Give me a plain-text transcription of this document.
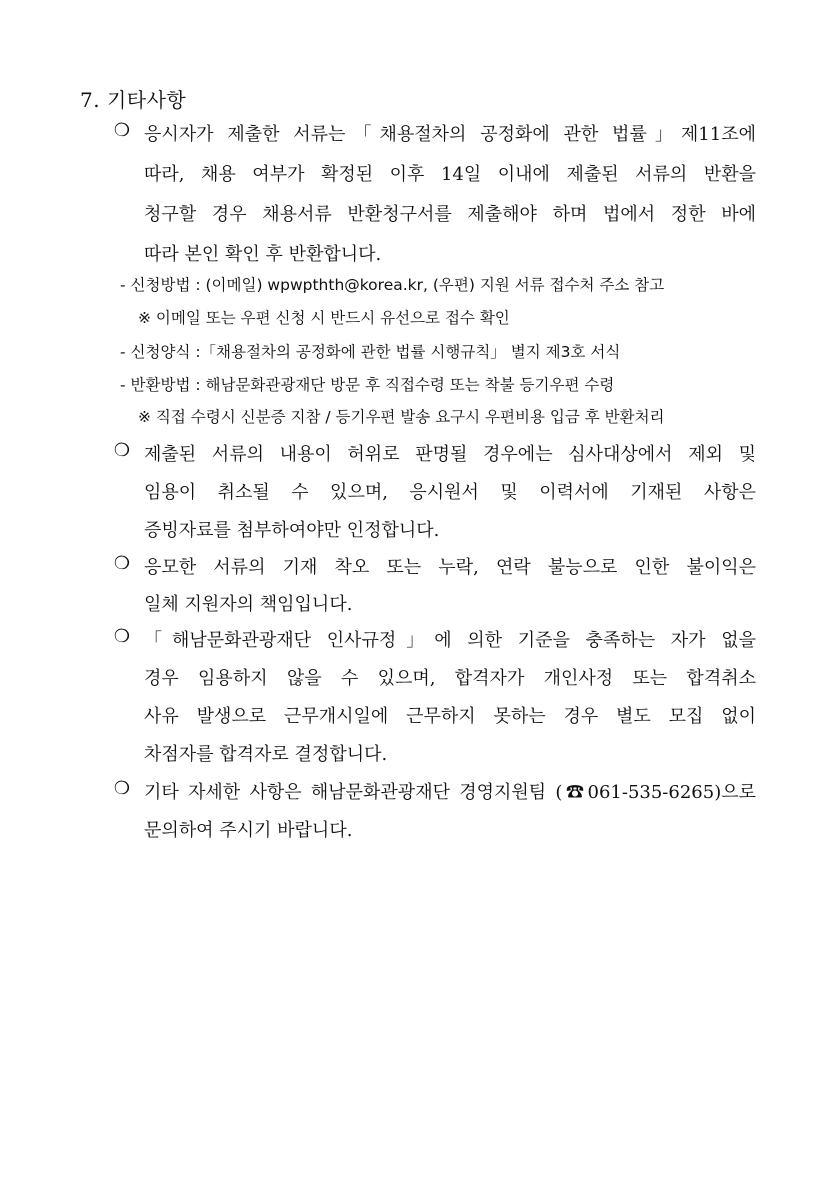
7. 기타사항
❍ 응시자가 제출한 서류는「채용절차의 공정화에 관한 법률」제11조에
따라, 채용 여부가 확정된 이후 14일 이내에 제출된 서류의 반환을
청구할 경우 채용서류 반환청구서를 제출해야 하며 법에서 정한 바에
따라 본인 확인 후 반환합니다.
- 신청방법 : (이메일) wpwpthth@korea.kr, (우편) 지원 서류 접수처 주소 참고
※ 이메일 또는 우편 신청 시 반드시 유선으로 접수 확인
- 신청양식 :「채용절차의 공정화에 관한 법률 시행규칙」 별지 제3호 서식
- 반환방법 : 해남문화관광재단 방문 후 직접수령 또는 착불 등기우편 수령
※ 직접 수령시 신분증 지참 / 등기우편 발송 요구시 우편비용 입금 후 반환처리
❍ 제출된 서류의 내용이 허위로 판명될 경우에는 심사대상에서 제외 및
임용이 취소될 수 있으며, 응시원서 및 이력서에 기재된 사항은
증빙자료를 첨부하여야만 인정합니다.
❍ 응모한 서류의 기재 착오 또는 누락, 연락 불능으로 인한 불이익은
일체 지원자의 책임입니다.
❍ 「해남문화관광재단 인사규정」에 의한 기준을 충족하는 자가 없을
경우 임용하지 않을 수 있으며, 합격자가 개인사정 또는 합격취소
사유 발생으로 근무개시일에 근무하지 못하는 경우 별도 모집 없이
차점자를 합격자로 결정합니다.
❍ 기타 자세한 사항은 해남문화관광재단 경영지원팀 (☎061-535-6265)으로
문의하여 주시기 바랍니다.
